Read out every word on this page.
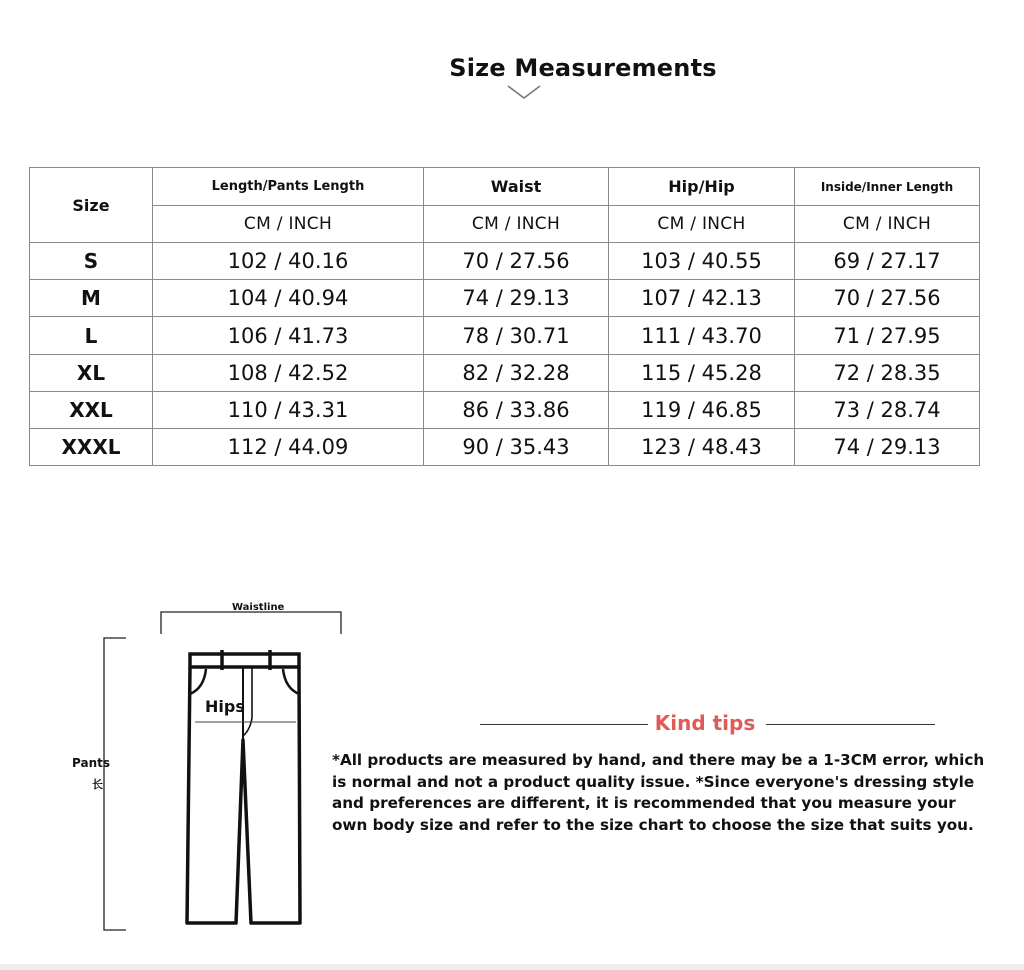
Size Measurements
Size	Length/Pants Length	Waist	Hip/Hip	Inside/Inner Length
	CM / INCH	CM / INCH	CM / INCH	CM / INCH
S	102 / 40.16	70 / 27.56	103 / 40.55	69 / 27.17
M	104 / 40.94	74 / 29.13	107 / 42.13	70 / 27.56
L	106 / 41.73	78 / 30.71	111 / 43.70	71 / 27.95
XL	108 / 42.52	82 / 32.28	115 / 45.28	72 / 28.35
XXL	110 / 43.31	86 / 33.86	119 / 46.85	73 / 28.74
XXXL	112 / 44.09	90 / 35.43	123 / 48.43	74 / 29.13
Waistline
Hips
Pants
长
Kind tips
*All products are measured by hand, and there may be a 1-3CM error, which is normal and not a product quality issue. *Since everyone's dressing style and preferences are different, it is recommended that you measure your own body size and refer to the size chart to choose the size that suits you.
